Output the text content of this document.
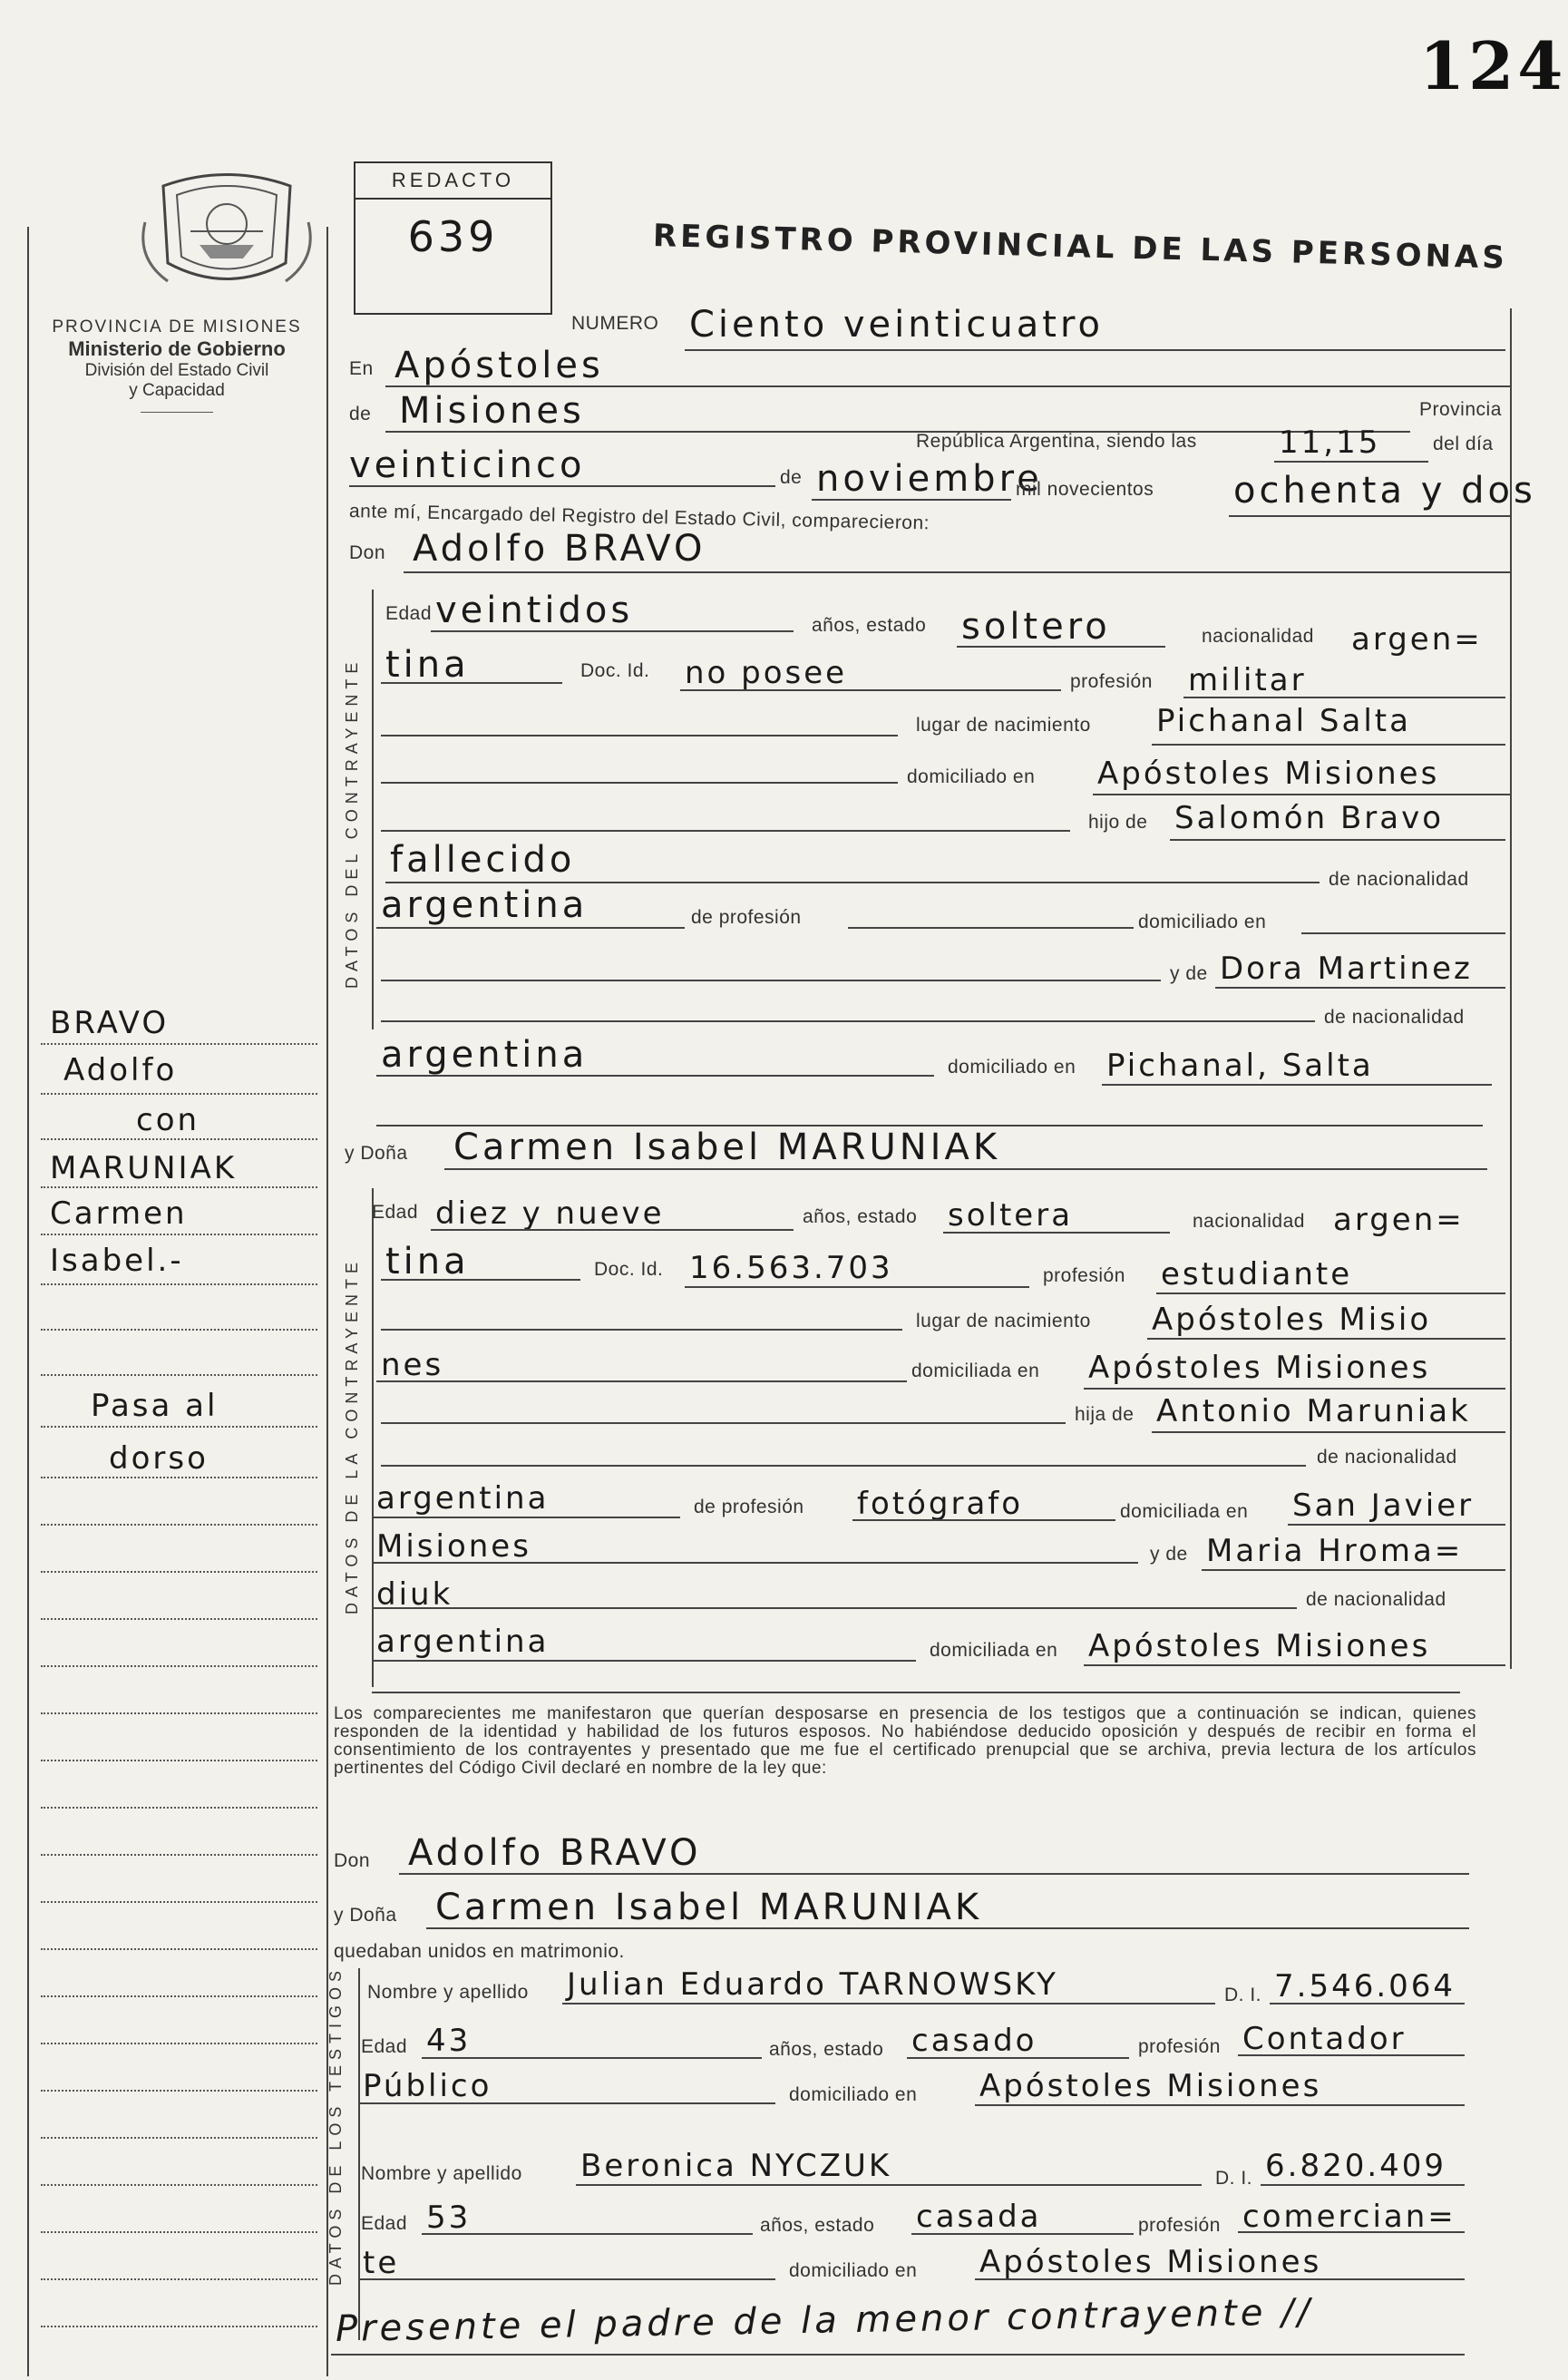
124
PROVINCIA DE MISIONES
Ministerio de Gobierno
División del Estado Civil
y Capacidad
REDACTO
639	REGISTRO PROVINCIAL DE LAS PERSONAS
NUMERO Ciento veinticuatro
En Apóstoles
de Misiones	Provincia
República Argentina, siendo las	11,15	del día
veinticinco	de noviembre
mil novecientos ochenta y dos
ante mí, Encargado del Registro del Estado Civil, comparecieron:
Don Adolfo BRAVO
DATOS DEL CONTRAYENTE
Edad veintidos	años, estado soltero	nacionalidad argen=
tina	Doc. Id. no posee	profesión militar
lugar de nacimiento Pichanal Salta
domiciliado en Apóstoles Misiones
hijo de Salomón Bravo
fallecido	de nacionalidad
argentina	de profesión	domiciliado en
y de Dora Martinez
de nacionalidad
argentina	domiciliado en Pichanal, Salta
y Doña Carmen Isabel MARUNIAK
DATOS DE LA CONTRAYENTE
Edad diez y nueve	años, estado soltera	nacionalidad argen=
tina	Doc. Id. 16.563.703	profesión estudiante
lugar de nacimiento Apóstoles Misio
nes	domiciliada en Apóstoles Misiones
hija de Antonio Maruniak
de nacionalidad
argentina	de profesión fotógrafo	domiciliada en San Javier
Misiones	y de Maria Hroma=
diuk	de nacionalidad
argentina	domiciliada en Apóstoles Misiones
Los comparecientes me manifestaron que querían desposarse en presencia de los testigos que a continuación se indican, quienes responden de la identidad y habilidad de los futuros esposos. No habiéndose deducido oposición y después de recibir en forma el consentimiento de los contrayentes y presentado que me fue el certificado prenupcial que se archiva, previa lectura de los artículos pertinentes del Código Civil declaré en nombre de la ley que:
Don Adolfo BRAVO
y Doña Carmen Isabel MARUNIAK
quedaban unidos en matrimonio.
DATOS DE LOS TESTIGOS Nombre y apellido Julian Eduardo TARNOWSKY	D. I. 7.546.064
Edad 43	años, estado casado	profesión Contador
Público	domiciliado en Apóstoles Misiones
Nombre y apellido Beronica NYCZUK	D. I. 6.820.409
Edad 53	años, estado casada	profesión comercian=
te	domiciliado en Apóstoles Misiones
Presente el padre de la menor contrayente //
BRAVO
Adolfo
con
MARUNIAK
Carmen
Isabel.-
Pasa al
dorso
